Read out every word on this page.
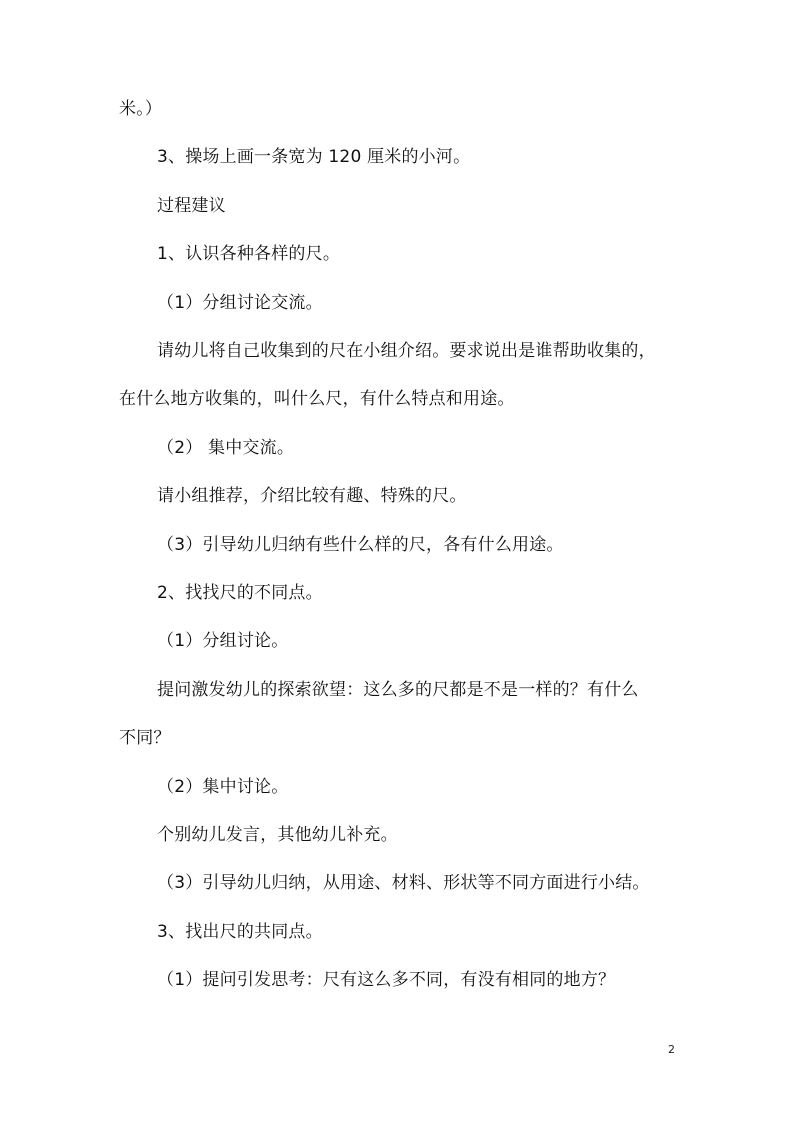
米。）
3、操场上画一条宽为 120 厘米的小河。
过程建议
1、认识各种各样的尺。
（1）分组讨论交流。
请幼儿将自己收集到的尺在小组介绍。要求说出是谁帮助收集的，
在什么地方收集的，叫什么尺，有什么特点和用途。
（2） 集中交流。
请小组推荐，介绍比较有趣、特殊的尺。
（3）引导幼儿归纳有些什么样的尺，各有什么用途。
2、找找尺的不同点。
（1）分组讨论。
提问激发幼儿的探索欲望：这么多的尺都是不是一样的？有什么
不同？
（2）集中讨论。
个别幼儿发言，其他幼儿补充。
（3）引导幼儿归纳，从用途、材料、形状等不同方面进行小结。
3、找出尺的共同点。
（1）提问引发思考：尺有这么多不同，有没有相同的地方？
2
